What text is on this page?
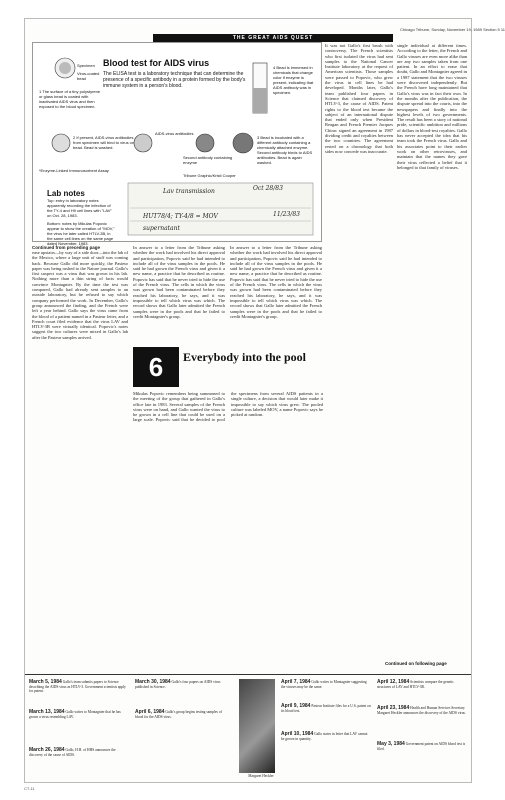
Chicago Tribune, Sunday, November 19, 1989 Section 5 11
THE GREAT AIDS QUEST
Blood test for AIDS virus
The ELISA test is a laboratory technique that can determine the presence of a specific antibody in a protein formed by the body's immune system in a person's blood.
Specimen
Virus-coated bead
1 The surface of a tiny polystyrene or glass bead is coated with inactivated AIDS virus and then exposed to the blood specimen.
2 If present, AIDS-virus antibodies from specimen will bind to virus on bead. Bead is washed.
AIDS-virus antibodies
Second antibody containing enzyme
3 Bead is incubated with a different antibody containing a chemically attached enzyme. Second antibody binds to AIDS antibodies. Bead is again washed.
4 Bead is immersed in chemicals that change color if enzyme is present, indicating that AIDS antibody was in specimen.
*Enzyme-Linked Immunosorbent Assay
Tribune Graphic/Kristi Cooper
Lab notes
Top: entry in laboratory notes apparently recording the infection of the TY-4 and H9 cell lines with "LAV" on Oct. 28, 1983.
Bottom: notes by Mikulas Popovic appear to show the creation of "MOV," the virus he later called HTLV-3B, in the same cell lines on the same page dated November, 1983.
Lav transmission	Oct 28/83
HUT78/4; TY-4/8 = MOV	11/23/83
supernatant
It was not Gallo's first brush with controversy. The French scientists who first isolated the virus had sent samples to the National Cancer Institute laboratory at the request of American scientists. Those samples were passed to Popovic, who grew the virus in cell lines he had developed. Months later, Gallo's team published four papers in Science that claimed discovery of HTLV-3, the cause of AIDS. Patent rights to the blood test became the subject of an international dispute that ended only when President Reagan and French Premier Jacques Chirac signed an agreement in 1987 dividing credit and royalties between the two countries. The agreement rested on a chronology that both sides now concede was inaccurate.
single individual at different times. According to the letter, the French and Gallo viruses are even more alike than are any two samples taken from one patient. In an effort to erase that doubt, Gallo and Montagnier agreed in a 1987 statement that the two viruses were discovered independently. But the French have long maintained that Gallo's virus was in fact their own. In the months after the publication, the dispute spread into the courts, into the newspapers and finally into the highest levels of two governments. The result has been a story of national pride, scientific ambition and millions of dollars in blood-test royalties. Gallo has never accepted the idea that his team took the French virus. Gallo and his associates point to their earlier work on other retroviruses, and maintain that the names they gave their virus reflected a belief that it belonged to that family of viruses.
Continued from preceding page
ease upstairs—by way of a side door—into the lab of the Mexico, where a large unit of stuff was coming back. Because Gallo did more quickly, the Pasteur paper was being rushed to the Nature journal. Gallo's first suspect was a virus that was grown in his lab. Nothing more than a thin string of facts would convince Montagnier. By the time the test was compared, Gallo had already sent samples to an outside laboratory, but he refused to say which company performed the work. In December, Gallo's group announced the finding, and the French were left a year behind. Gallo says the virus came from the blood of a patient named in a Pasteur letter, and a French court filed evidence that the virus LAV and HTLV-3B were virtually identical. Popovic's notes suggest the two cultures were mixed in Gallo's lab after the Pasteur samples arrived.
In answer to a letter from the Tribune asking whether the work had involved his direct approval and participation, Popovic said he had intended to include all of the virus samples in the pools. He said he had grown the French virus and given it a new name, a practice that he described as routine. Popovic has said that he never tried to hide the use of the French virus. The cells in which the virus was grown had been contaminated before they reached his laboratory, he says, and it was impossible to tell which virus was which. The record shows that Gallo later admitted the French samples were in the pools and that he failed to credit Montagnier's group.
6	Everybody into the pool
Mikulas Popovic remembers being summoned to the meeting of the group that gathered in Gallo's office late in 1983. Several samples of the French virus were on hand, and Gallo wanted the virus to be grown in a cell line that could be used on a large scale. Popovic said that he decided to pool the specimens from several AIDS patients in a single culture, a decision that would later make it impossible to say which virus grew. The pooled culture was labeled MOV, a name Popovic says he picked at random.
In answer to a letter from the Tribune asking whether the work had involved his direct approval and participation, Popovic said he had intended to include all of the virus samples in the pools. He said he had grown the French virus and given it a new name, a practice that he described as routine. Popovic has said that he never tried to hide the use of the French virus. The cells in which the virus was grown had been contaminated before they reached his laboratory, he says, and it was impossible to tell which virus was which. The record shows that Gallo later admitted the French samples were in the pools and that he failed to credit Montagnier's group.
Continued on following page
March 5, 1984 Gallo's team submits papers to Science describing the AIDS virus as HTLV-3. Government scientists apply for patent.
March 13, 1984 Gallo writes to Montagnier that he has grown a virus resembling LAV.
March 26, 1984 Gallo, H.H. of HHS announces the discovery of the cause of AIDS.
March 30, 1984 Gallo's four papers on AIDS virus published in Science.
April 6, 1984 Gallo's group begins testing samples of blood for the AIDS virus.
Margaret Heckler
April 7, 1984 Gallo writes to Montagnier suggesting the viruses may be the same.
April 9, 1984 Pasteur Institute files for a U.S. patent on its blood test.
April 10, 1984 Gallo states in letter that LAV cannot be grown in quantity.
April 12, 1984 Scientists compare the genetic structures of LAV and HTLV-3B.
April 23, 1984 Health and Human Services Secretary Margaret Heckler announces the discovery of the AIDS virus.
May 3, 1984 Government patent on AIDS blood test is filed.
CT-11
